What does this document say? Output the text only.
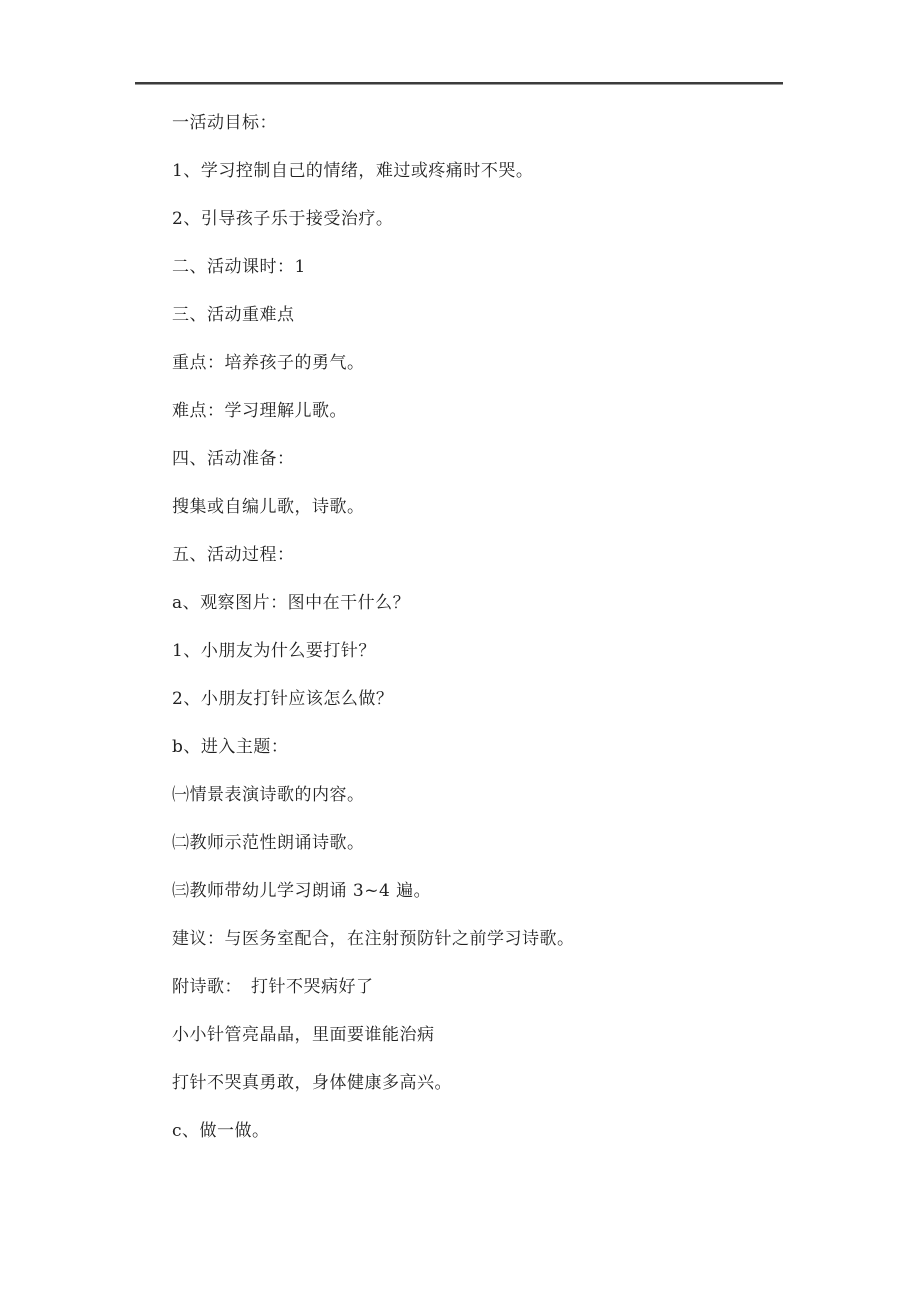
一活动目标：

1、学习控制自己的情绪，难过或疼痛时不哭。

2、引导孩子乐于接受治疗。

二、活动课时：1

三、活动重难点

重点：培养孩子的勇气。

难点：学习理解儿歌。

四、活动准备：

搜集或自编儿歌，诗歌。

五、活动过程：

a、观察图片：图中在干什么？

1、小朋友为什么要打针？

2、小朋友打针应该怎么做？

b、进入主题：

㈠情景表演诗歌的内容。

㈡教师示范性朗诵诗歌。

㈢教师带幼儿学习朗诵 3~4 遍。

建议：与医务室配合，在注射预防针之前学习诗歌。

附诗歌：　打针不哭病好了

小小针管亮晶晶，里面要谁能治病

打针不哭真勇敢，身体健康多高兴。

c、做一做。
